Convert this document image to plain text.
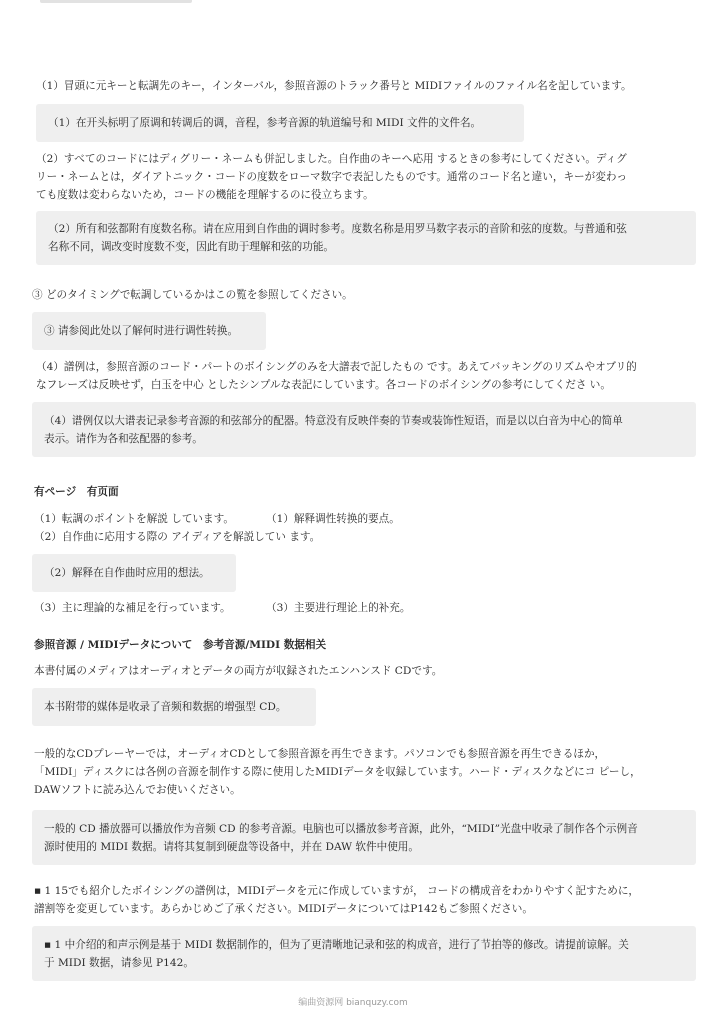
（1）冒頭に元キーと転調先のキー，インターバル，参照音源のトラック番号と MIDIファイルのファイル名を記しています。
（1）在开头标明了原调和转调后的调，音程，参考音源的轨道编号和 MIDI 文件的文件名。
（2）すべてのコードにはディグリー・ネームも併記しました。自作曲のキーへ応用 するときの参考にしてください。ディグ
リー・ネームとは，ダイアトニック・コードの度数をローマ数字で表記したものです。通常のコード名と違い，キーが変わっ
ても度数は変わらないため，コードの機能を理解するのに役立ちます。
（2）所有和弦都附有度数名称。请在应用到自作曲的调时参考。度数名称是用罗马数字表示的音阶和弦的度数。与普通和弦
名称不同，调改变时度数不变，因此有助于理解和弦的功能。
③ どのタイミングで転調しているかはこの覧を参照してください。
③ 请参阅此处以了解何时进行调性转换。
（4）譜例は，参照音源のコード・パートのボイシングのみを大譜表で記したもの です。あえてバッキングのリズムやオブリ的
なフレーズは反映せず，白玉を中心 としたシンプルな表記にしています。各コードのボイシングの参考にしてくださ い。
（4）谱例仅以大谱表记录参考音源的和弦部分的配器。特意没有反映伴奏的节奏或装饰性短语，而是以以白音为中心的简单
表示。请作为各和弦配器的参考。
有ページ　有页面
（1）転調のポイントを解説 しています。	（1）解释调性转换的要点。
（2）自作曲に応用する際の アイディアを解説してい ます。
（2）解释在自作曲时应用的想法。
（3）主に理論的な補足を行っています。	（3）主要进行理论上的补充。
参照音源 / MIDIデータについて　参考音源/MIDI 数据相关
本書付属のメディアはオーディオとデータの両方が収録されたエンハンスド CDです。
本书附带的媒体是收录了音频和数据的增强型 CD。
一般的なCDプレーヤーでは，オーディオCDとして参照音源を再生できます。パソコンでも参照音源を再生できるほか，
「MIDI」ディスクには各例の音源を制作する際に使用したMIDIデータを収録しています。ハード・ディスクなどにコ ピーし，
DAWソフトに読み込んでお使いください。
一般的 CD 播放器可以播放作为音频 CD 的参考音源。电脑也可以播放参考音源，此外，“MIDI”光盘中收录了制作各个示例音
源时使用的 MIDI 数据。请将其复制到硬盘等设备中，并在 DAW 软件中使用。
▪ 1 15でも紹介したボイシングの譜例は，MIDIデータを元に作成していますが， コードの構成音をわかりやすく記すために，
譜割等を変更しています。あらかじめご了承ください。MIDIデータについてはP142もご参照ください。
▪ 1 中介绍的和声示例是基于 MIDI 数据制作的，但为了更清晰地记录和弦的构成音，进行了节拍等的修改。请提前谅解。关
于 MIDI 数据，请参见 P142。
编曲资源网 bianquzy.com
